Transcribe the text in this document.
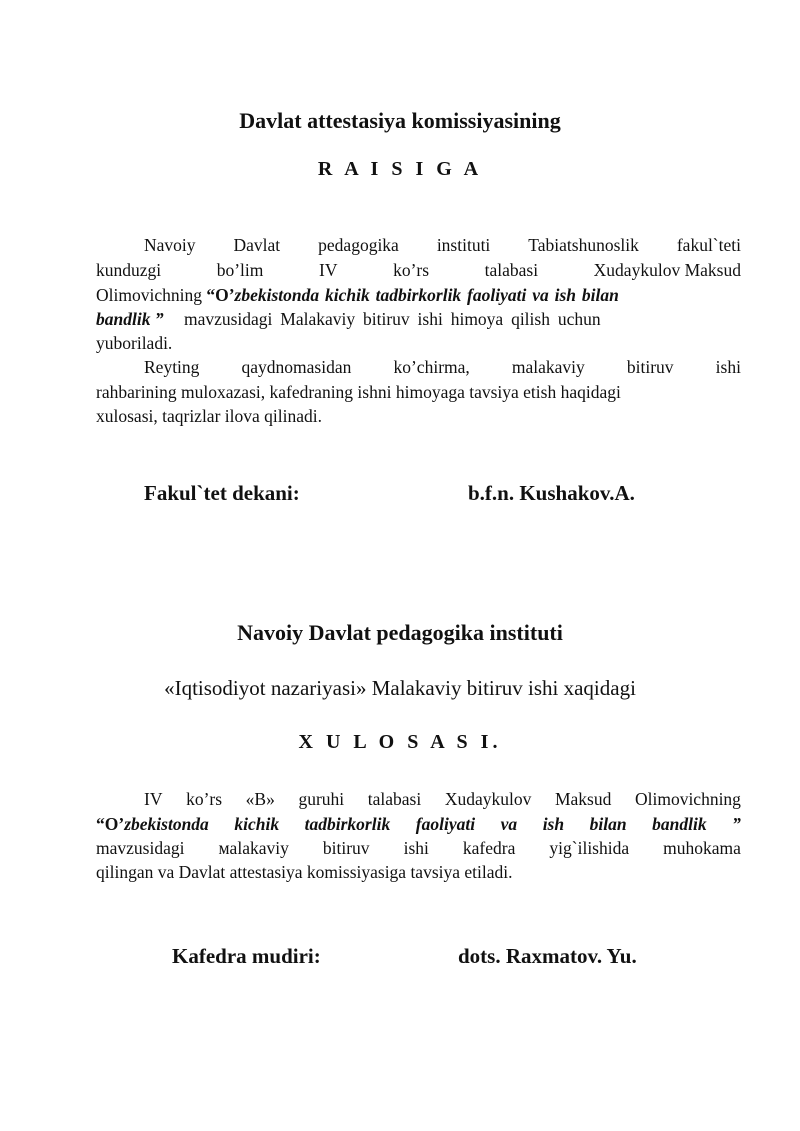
Davlat attestasiya komissiyasining
R A I S I G A
Navoiy Davlat pedagogika instituti Tabiatshunoslik fakul`teti
kunduzgi	bo’lim	IV	ko’rs	talabasi	Xudaykulov Maksud
Olimovichning “O’zbekistonda kichik tadbirkorlik faoliyati va ish bilan
bandlik ” mavzusidagi Malakaviy bitiruv ishi himoya qilish uchun
yuboriladi.
Reyting qaydnomasidan ko’chirma, malakaviy bitiruv ishi
rahbarining muloxazasi, kafedraning ishni himoyaga tavsiya etish haqidagi
xulosasi, taqrizlar ilova qilinadi.
Fakul`tet dekani:	b.f.n. Kushakov.A.
Navoiy Davlat pedagogika instituti
«Iqtisodiyot nazariyasi» Malakaviy bitiruv ishi xaqidagi
X U L O S A S I.
IV ko’rs «B» guruhi talabasi Xudaykulov Maksud Olimovichning
“O’zbekistonda kichik tadbirkorlik faoliyati va ish bilan bandlik ”
mavzusidagi мalakaviy bitiruv ishi kafedra yig`ilishida muhokama
qilingan va Davlat attestasiya komissiyasiga tavsiya etiladi.
Kafedra mudiri:	dots. Raxmatov. Yu.
